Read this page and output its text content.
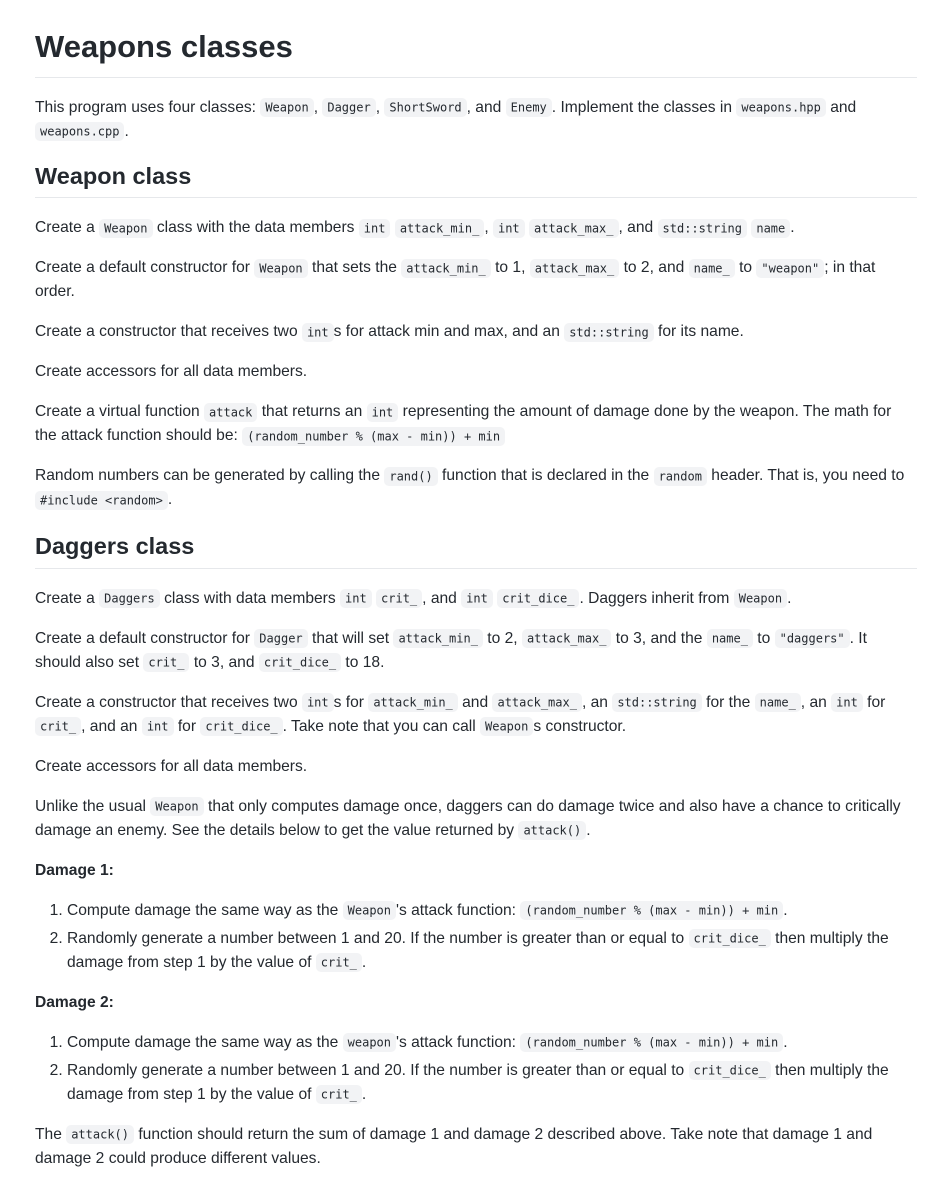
Weapons classes

This program uses four classes: Weapon , Dagger , ShortSword , and Enemy . Implement the classes in weapons.hpp and weapons.cpp .

Weapon class

Create a Weapon class with the data members int attack_min_ , int attack_max_ , and std::string name .

Create a default constructor for Weapon that sets the attack_min_ to 1, attack_max_ to 2, and name_ to "weapon" ; in that order.

Create a constructor that receives two int s for attack min and max, and an std::string for its name.

Create accessors for all data members.

Create a virtual function attack that returns an int representing the amount of damage done by the weapon. The math for the attack function should be: (random_number % (max - min)) + min

Random numbers can be generated by calling the rand() function that is declared in the random header. That is, you need to #include <random> .

Daggers class

Create a Daggers class with data members int crit_ , and int crit_dice_ . Daggers inherit from Weapon .

Create a default constructor for Dagger that will set attack_min_ to 2, attack_max_ to 3, and the name_ to "daggers" . It should also set crit_ to 3, and crit_dice_ to 18.

Create a constructor that receives two int s for attack_min_ and attack_max_ , an std::string for the name_ , an int for crit_ , and an int for crit_dice_ . Take note that you can call Weapon s constructor.

Create accessors for all data members.

Unlike the usual Weapon that only computes damage once, daggers can do damage twice and also have a chance to critically damage an enemy. See the details below to get the value returned by attack() .

Damage 1:

1. Compute damage the same way as the Weapon 's attack function: (random_number % (max - min)) + min .
2. Randomly generate a number between 1 and 20. If the number is greater than or equal to crit_dice_ then multiply the damage from step 1 by the value of crit_ .

Damage 2:

1. Compute damage the same way as the weapon 's attack function: (random_number % (max - min)) + min .
2. Randomly generate a number between 1 and 20. If the number is greater than or equal to crit_dice_ then multiply the damage from step 1 by the value of crit_ .

The attack() function should return the sum of damage 1 and damage 2 described above. Take note that damage 1 and damage 2 could produce different values.
